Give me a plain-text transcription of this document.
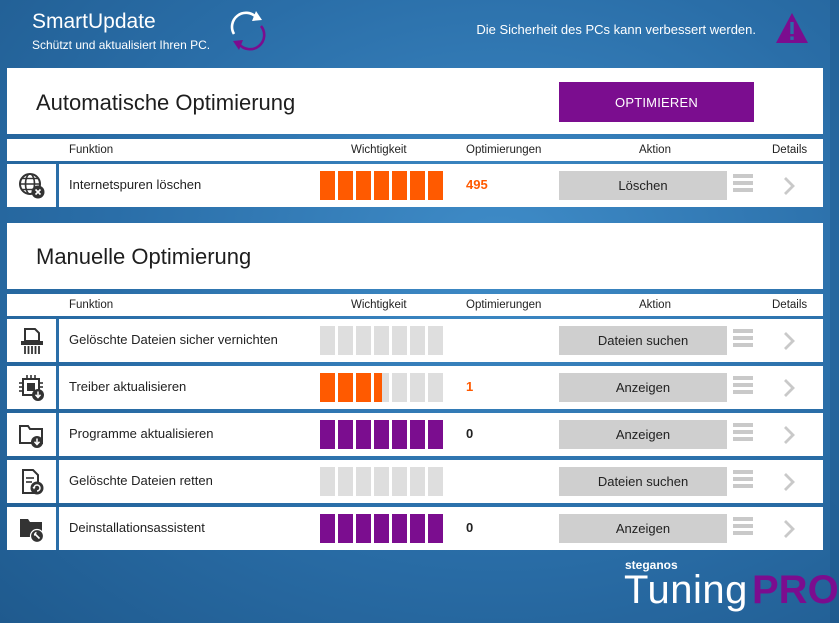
SmartUpdate
Schützt und aktualisiert Ihren PC.
Die Sicherheit des PCs kann verbessert werden.
Automatische Optimierung	OPTIMIEREN
Funktion	Wichtigkeit	Optimierungen	Aktion	Details
Internetspuren löschen	495	Löschen
Manuelle Optimierung
Funktion	Wichtigkeit	Optimierungen	Aktion	Details
Gelöschte Dateien sicher vernichten	Dateien suchen
Treiber aktualisieren	1	Anzeigen
Programme aktualisieren	0	Anzeigen
Gelöschte Dateien retten	Dateien suchen
Deinstallationsassistent	0	Anzeigen
steganos
Tuning PRO
